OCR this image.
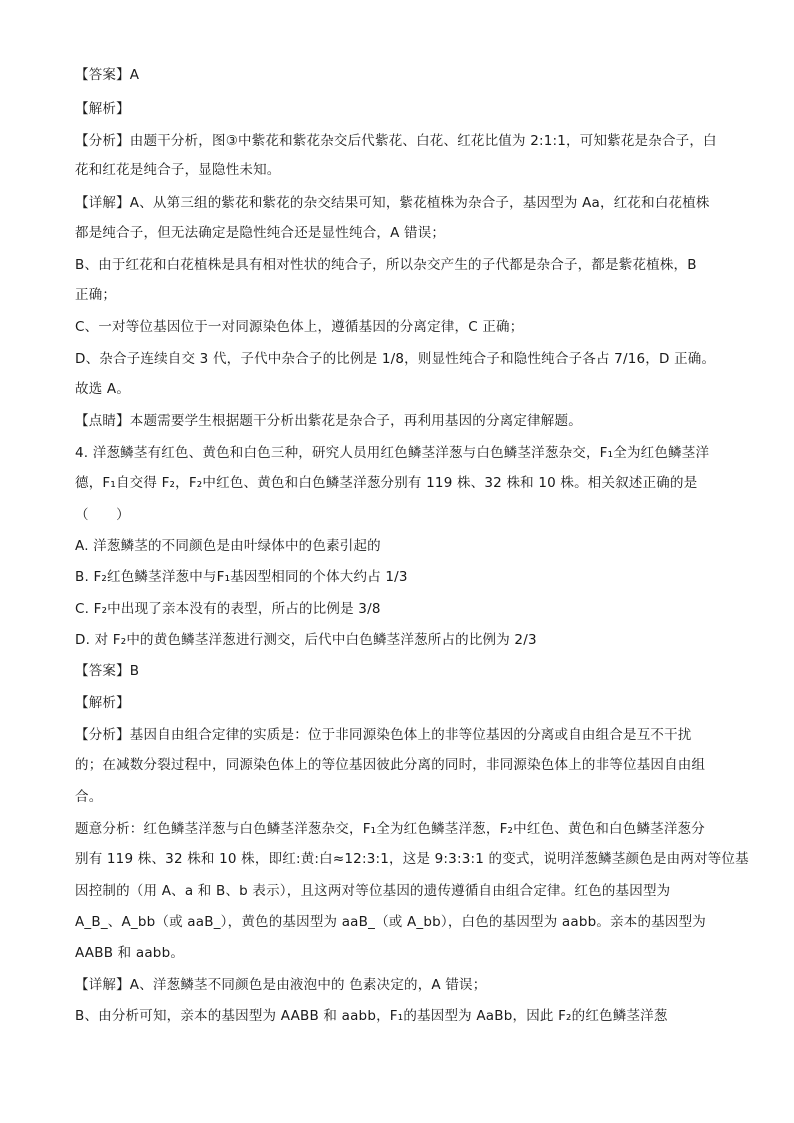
【答案】A
【解析】
【分析】由题干分析，图③中紫花和紫花杂交后代紫花、白花、红花比值为 2:1:1，可知紫花是杂合子，白
花和红花是纯合子，显隐性未知。
【详解】A、从第三组的紫花和紫花的杂交结果可知，紫花植株为杂合子，基因型为 Aa，红花和白花植株
都是纯合子，但无法确定是隐性纯合还是显性纯合，A 错误；
B、由于红花和白花植株是具有相对性状的纯合子，所以杂交产生的子代都是杂合子，都是紫花植株，B
正确；
C、一对等位基因位于一对同源染色体上，遵循基因的分离定律，C 正确；
D、杂合子连续自交 3 代，子代中杂合子的比例是 1/8，则显性纯合子和隐性纯合子各占 7/16，D 正确。
故选 A。
【点睛】本题需要学生根据题干分析出紫花是杂合子，再利用基因的分离定律解题。
4. 洋葱鳞茎有红色、黄色和白色三种，研究人员用红色鳞茎洋葱与白色鳞茎洋葱杂交，F₁全为红色鳞茎洋
德，F₁自交得 F₂，F₂中红色、黄色和白色鳞茎洋葱分别有 119 株、32 株和 10 株。相关叙述正确的是
（　　）
A. 洋葱鳞茎的不同颜色是由叶绿体中的色素引起的
B. F₂红色鳞茎洋葱中与F₁基因型相同的个体大约占 1/3
C. F₂中出现了亲本没有的表型，所占的比例是 3/8
D. 对 F₂中的黄色鳞茎洋葱进行测交，后代中白色鳞茎洋葱所占的比例为 2/3
【答案】B
【解析】
【分析】基因自由组合定律的实质是：位于非同源染色体上的非等位基因的分离或自由组合是互不干扰
的；在减数分裂过程中，同源染色体上的等位基因彼此分离的同时，非同源染色体上的非等位基因自由组
合。
题意分析：红色鳞茎洋葱与白色鳞茎洋葱杂交，F₁全为红色鳞茎洋葱，F₂中红色、黄色和白色鳞茎洋葱分
别有 119 株、32 株和 10 株，即红:黄:白≈12:3:1，这是 9:3:3:1 的变式，说明洋葱鳞茎颜色是由两对等位基
因控制的（用 A、a 和 B、b 表示），且这两对等位基因的遗传遵循自由组合定律。红色的基因型为
A_B_、A_bb（或 aaB_），黄色的基因型为 aaB_（或 A_bb），白色的基因型为 aabb。亲本的基因型为
AABB 和 aabb。
【详解】A、洋葱鳞茎不同颜色是由液泡中的 色素决定的，A 错误；
B、由分析可知，亲本的基因型为 AABB 和 aabb，F₁的基因型为 AaBb，因此 F₂的红色鳞茎洋葱
